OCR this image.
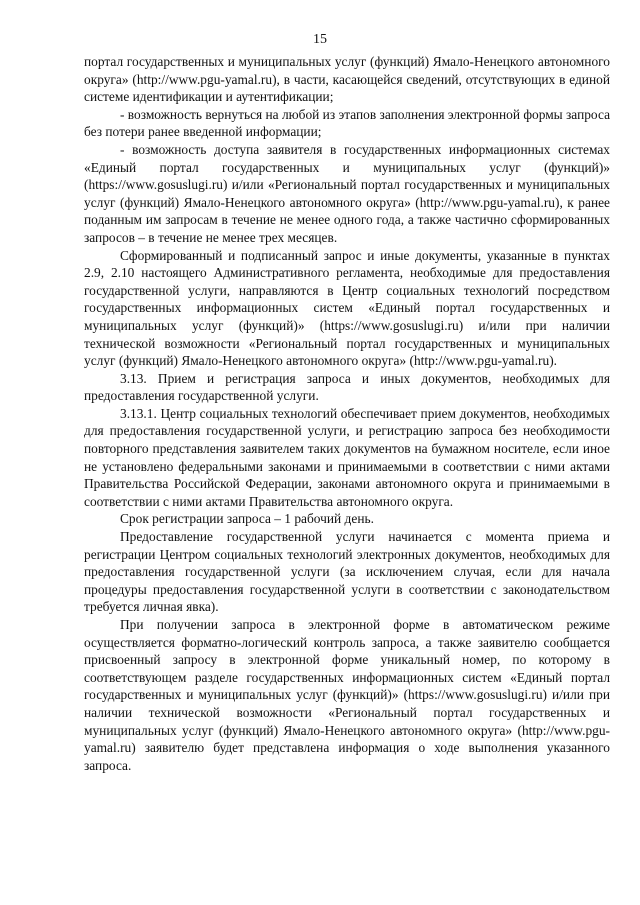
15

портал государственных и муниципальных услуг (функций) Ямало-Ненецкого автономного округа» (http://www.pgu-yamal.ru), в части, касающейся сведений, отсутствующих в единой системе идентификации и аутентификации;

- возможность вернуться на любой из этапов заполнения электронной формы запроса без потери ранее введенной информации;

- возможность доступа заявителя в государственных информационных системах «Единый портал государственных и муниципальных услуг (функций)» (https://www.gosuslugi.ru) и/или «Региональный портал государственных и муниципальных услуг (функций) Ямало-Ненецкого автономного округа» (http://www.pgu-yamal.ru), к ранее поданным им запросам в течение не менее одного года, а также частично сформированных запросов – в течение не менее трех месяцев.

Сформированный и подписанный запрос и иные документы, указанные в пунктах 2.9, 2.10 настоящего Административного регламента, необходимые для предоставления государственной услуги, направляются в Центр социальных технологий посредством государственных информационных систем «Единый портал государственных и муниципальных услуг (функций)» (https://www.gosuslugi.ru) и/или при наличии технической возможности «Региональный портал государственных и муниципальных услуг (функций) Ямало-Ненецкого автономного округа» (http://www.pgu-yamal.ru).

3.13. Прием и регистрация запроса и иных документов, необходимых для предоставления государственной услуги.

3.13.1. Центр социальных технологий обеспечивает прием документов, необходимых для предоставления государственной услуги, и регистрацию запроса без необходимости повторного представления заявителем таких документов на бумажном носителе, если иное не установлено федеральными законами и принимаемыми в соответствии с ними актами Правительства Российской Федерации, законами автономного округа и принимаемыми в соответствии с ними актами Правительства автономного округа.

Срок регистрации запроса – 1 рабочий день.

Предоставление государственной услуги начинается с момента приема и регистрации Центром социальных технологий электронных документов, необходимых для предоставления государственной услуги (за исключением случая, если для начала процедуры предоставления государственной услуги в соответствии с законодательством требуется личная явка).

При получении запроса в электронной форме в автоматическом режиме осуществляется форматно-логический контроль запроса, а также заявителю сообщается присвоенный запросу в электронной форме уникальный номер, по которому в соответствующем разделе государственных информационных систем «Единый портал государственных и муниципальных услуг (функций)» (https://www.gosuslugi.ru) и/или при наличии технической возможности «Региональный портал государственных и муниципальных услуг (функций) Ямало-Ненецкого автономного округа» (http://www.pgu-yamal.ru) заявителю будет представлена информация о ходе выполнения указанного запроса.
